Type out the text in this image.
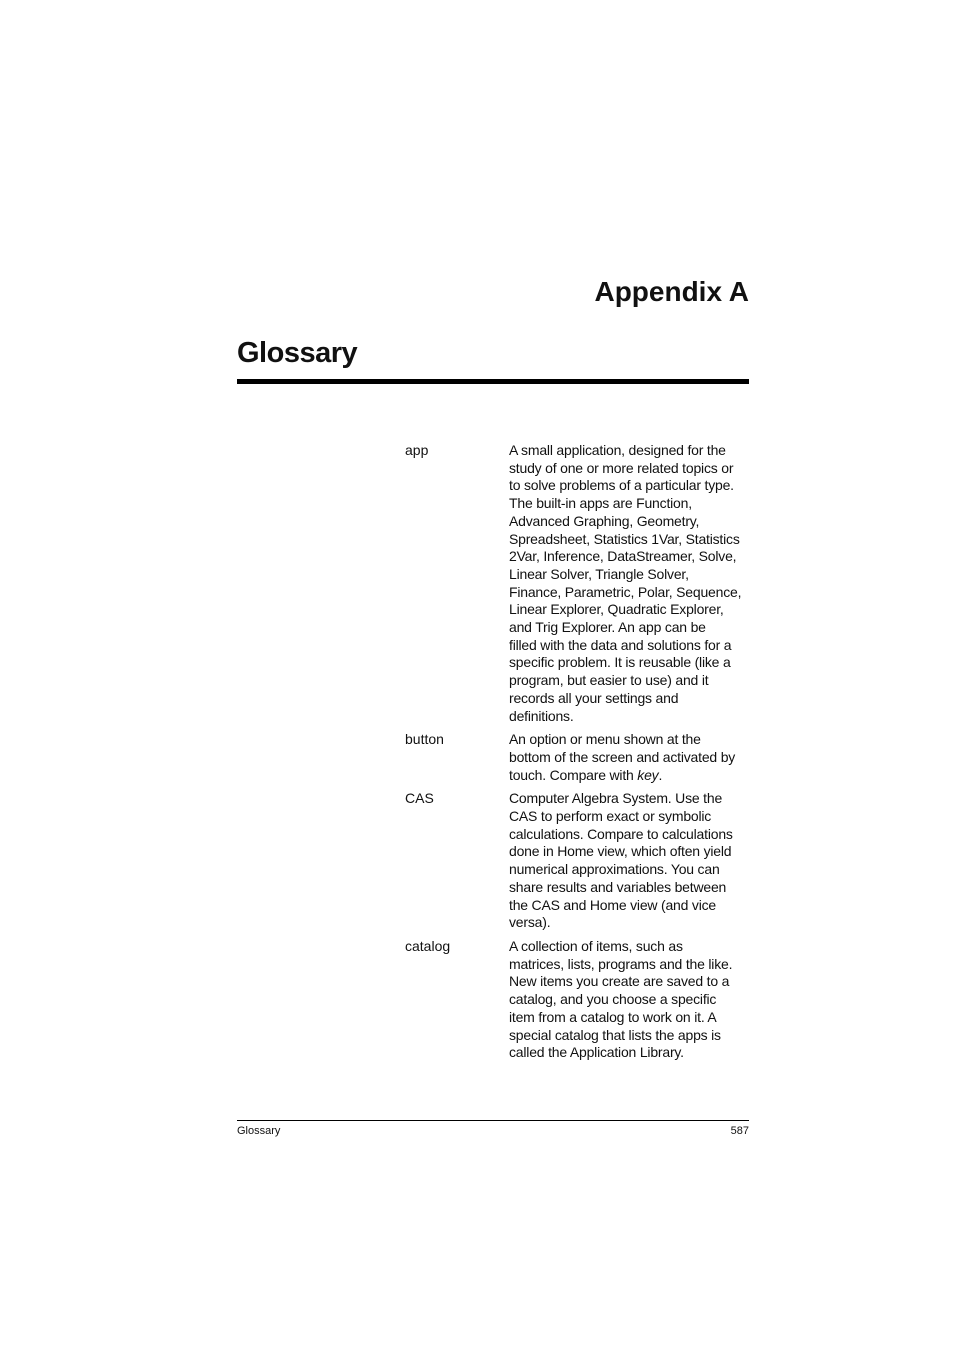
Appendix A
Glossary
app	A small application, designed for the
study of one or more related topics or
to solve problems of a particular type.
The built-in apps are Function,
Advanced Graphing, Geometry,
Spreadsheet, Statistics 1Var, Statistics
2Var, Inference, DataStreamer, Solve,
Linear Solver, Triangle Solver,
Finance, Parametric, Polar, Sequence,
Linear Explorer, Quadratic Explorer,
and Trig Explorer. An app can be
filled with the data and solutions for a
specific problem. It is reusable (like a
program, but easier to use) and it
records all your settings and
definitions.
button	An option or menu shown at the
bottom of the screen and activated by
touch. Compare with key.
CAS	Computer Algebra System. Use the
CAS to perform exact or symbolic
calculations. Compare to calculations
done in Home view, which often yield
numerical approximations. You can
share results and variables between
the CAS and Home view (and vice
versa).
catalog	A collection of items, such as
matrices, lists, programs and the like.
New items you create are saved to a
catalog, and you choose a specific
item from a catalog to work on it. A
special catalog that lists the apps is
called the Application Library.
Glossary	587
